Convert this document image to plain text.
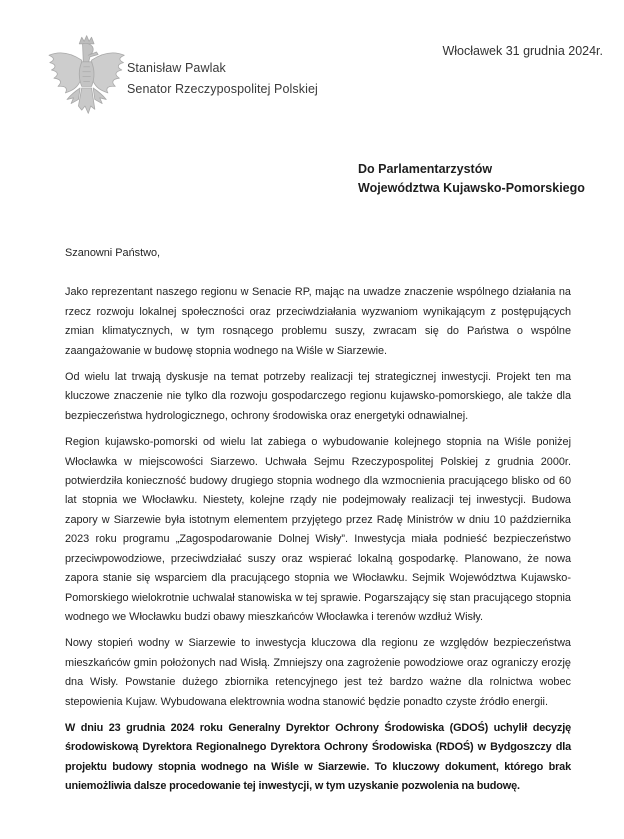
Stanisław Pawlak
Senator Rzeczypospolitej Polskiej
Włocławek 31 grudnia 2024r.
Do Parlamentarzystów
Województwa Kujawsko-Pomorskiego

Szanowni Państwo,

Jako reprezentant naszego regionu w Senacie RP, mając na uwadze znaczenie wspólnego działania na rzecz rozwoju lokalnej społeczności oraz przeciwdziałania wyzwaniom wynikającym z postępujących zmian klimatycznych, w tym rosnącego problemu suszy, zwracam się do Państwa o wspólne zaangażowanie w budowę stopnia wodnego na Wiśle w Siarzewie.

Od wielu lat trwają dyskusje na temat potrzeby realizacji tej strategicznej inwestycji. Projekt ten ma kluczowe znaczenie nie tylko dla rozwoju gospodarczego regionu kujawsko-pomorskiego, ale także dla bezpieczeństwa hydrologicznego, ochrony środowiska oraz energetyki odnawialnej.

Region kujawsko-pomorski od wielu lat zabiega o wybudowanie kolejnego stopnia na Wiśle poniżej Włocławka w miejscowości Siarzewo. Uchwała Sejmu Rzeczypospolitej Polskiej z grudnia 2000r. potwierdziła konieczność budowy drugiego stopnia wodnego dla wzmocnienia pracującego blisko od 60 lat stopnia we Włocławku. Niestety, kolejne rządy nie podejmowały realizacji tej inwestycji. Budowa zapory w Siarzewie była istotnym elementem przyjętego przez Radę Ministrów w dniu 10 października 2023 roku programu „Zagospodarowanie Dolnej Wisły”. Inwestycja miała podnieść bezpieczeństwo przeciwpowodziowe, przeciwdziałać suszy oraz wspierać lokalną gospodarkę. Planowano, że nowa zapora stanie się wsparciem dla pracującego stopnia we Włocławku. Sejmik Województwa Kujawsko-Pomorskiego wielokrotnie uchwalał stanowiska w tej sprawie. Pogarszający się stan pracującego stopnia wodnego we Włocławku budzi obawy mieszkańców Włocławka i terenów wzdłuż Wisły.

Nowy stopień wodny w Siarzewie to inwestycja kluczowa dla regionu ze względów bezpieczeństwa mieszkańców gmin położonych nad Wisłą. Zmniejszy ona zagrożenie powodziowe oraz ograniczy erozję dna Wisły. Powstanie dużego zbiornika retencyjnego jest też bardzo ważne dla rolnictwa wobec stepowienia Kujaw. Wybudowana elektrownia wodna stanowić będzie ponadto czyste źródło energii.

W dniu 23 grudnia 2024 roku Generalny Dyrektor Ochrony Środowiska (GDOŚ) uchylił decyzję środowiskową Dyrektora Regionalnego Dyrektora Ochrony Środowiska (RDOŚ) w Bydgoszczy dla projektu budowy stopnia wodnego na Wiśle w Siarzewie. To kluczowy dokument, którego brak uniemożliwia dalsze procedowanie tej inwestycji, w tym uzyskanie pozwolenia na budowę.
